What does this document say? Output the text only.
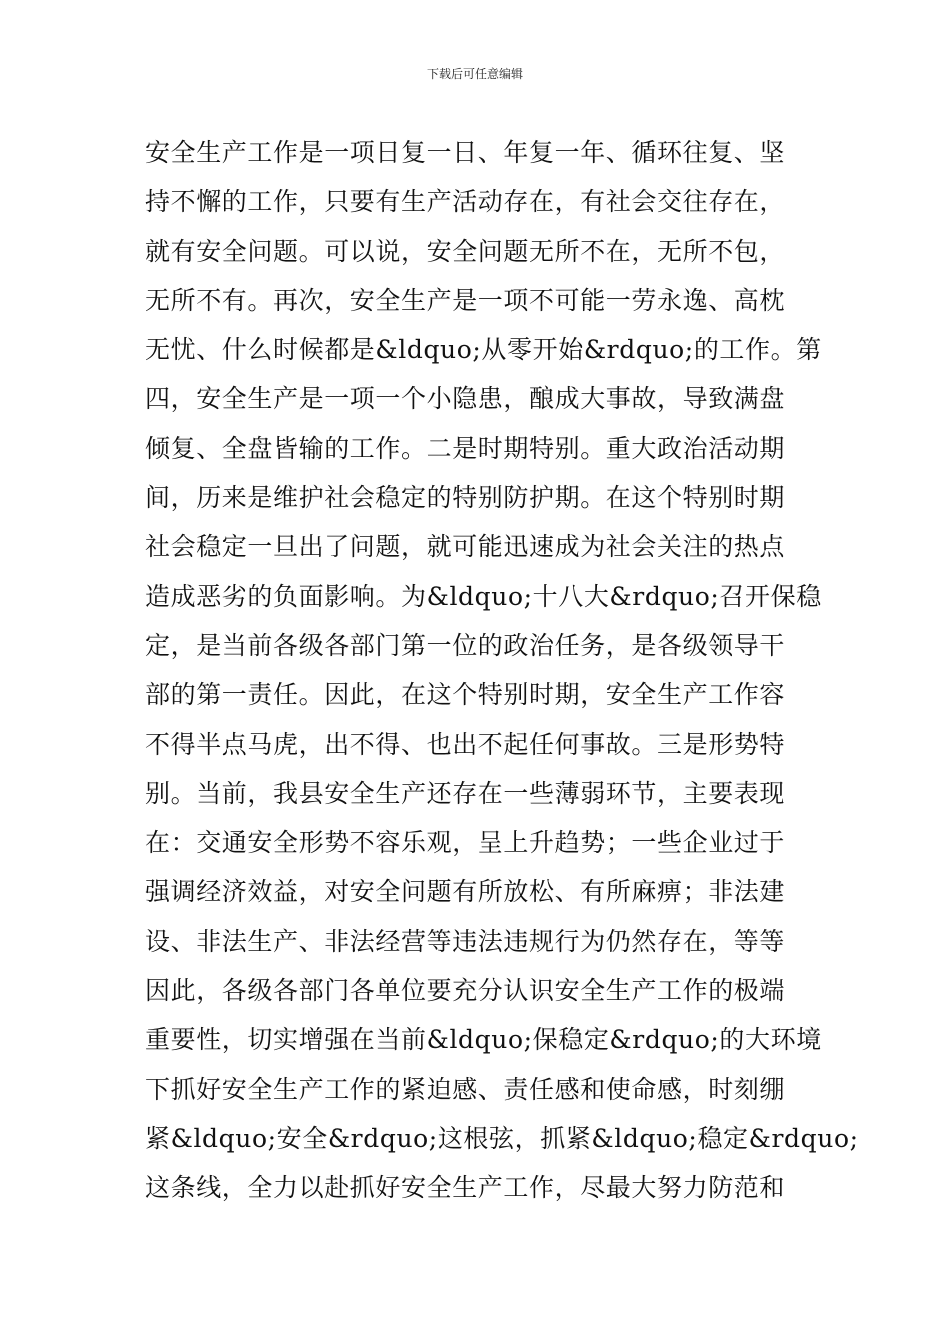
下载后可任意编辑
安全生产工作是一项日复一日、年复一年、循环往复、坚
持不懈的工作，只要有生产活动存在，有社会交往存在，
就有安全问题。可以说，安全问题无所不在，无所不包，
无所不有。再次，安全生产是一项不可能一劳永逸、高枕
无忧、什么时候都是&ldquo;从零开始&rdquo;的工作。第
四，安全生产是一项一个小隐患，酿成大事故，导致满盘
倾复、全盘皆输的工作。二是时期特别。重大政治活动期
间，历来是维护社会稳定的特别防护期。在这个特别时期
社会稳定一旦出了问题，就可能迅速成为社会关注的热点
造成恶劣的负面影响。为&ldquo;十八大&rdquo;召开保稳
定，是当前各级各部门第一位的政治任务，是各级领导干
部的第一责任。因此，在这个特别时期，安全生产工作容
不得半点马虎，出不得、也出不起任何事故。三是形势特
别。当前，我县安全生产还存在一些薄弱环节，主要表现
在：交通安全形势不容乐观，呈上升趋势；一些企业过于
强调经济效益，对安全问题有所放松、有所麻痹；非法建
设、非法生产、非法经营等违法违规行为仍然存在，等等
因此，各级各部门各单位要充分认识安全生产工作的极端
重要性，切实增强在当前&ldquo;保稳定&rdquo;的大环境
下抓好安全生产工作的紧迫感、责任感和使命感，时刻绷
紧&ldquo;安全&rdquo;这根弦，抓紧&ldquo;稳定&rdquo;
这条线，全力以赴抓好安全生产工作，尽最大努力防范和
